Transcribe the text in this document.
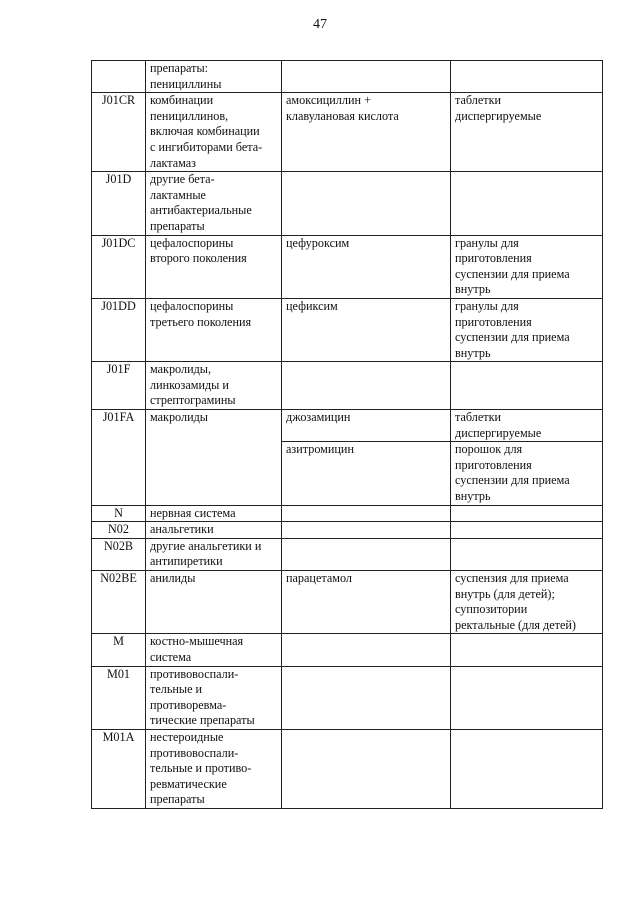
47

	препараты:
пенициллины		

J01CR	комбинации
пенициллинов,
включая комбинации
с ингибиторами бета-
лактамаз	амоксициллин +
клавулановая кислота	таблетки
диспергируемые

J01D	другие бета-
лактамные
антибактериальные
препараты		

J01DC	цефалоспорины
второго поколения	цефуроксим	гранулы для
приготовления
суспензии для приема
внутрь

J01DD	цефалоспорины
третьего поколения	цефиксим	гранулы для
приготовления
суспензии для приема
внутрь

J01F	макролиды,
линкозамиды и
стрептограмины		

J01FA	макролиды	джозамицин	таблетки
диспергируемые

		азитромицин	порошок для
приготовления
суспензии для приема
внутрь

N	нервная система		

N02	анальгетики		

N02B	другие анальгетики и
антипиретики		

N02BE	анилиды	парацетамол	суспензия для приема
внутрь (для детей);
суппозитории
ректальные (для детей)

M	костно-мышечная
система		

M01	противовоспали-
тельные и
противоревма-
тические препараты		

M01A	нестероидные
противовоспали-
тельные и противо-
ревматические
препараты		
